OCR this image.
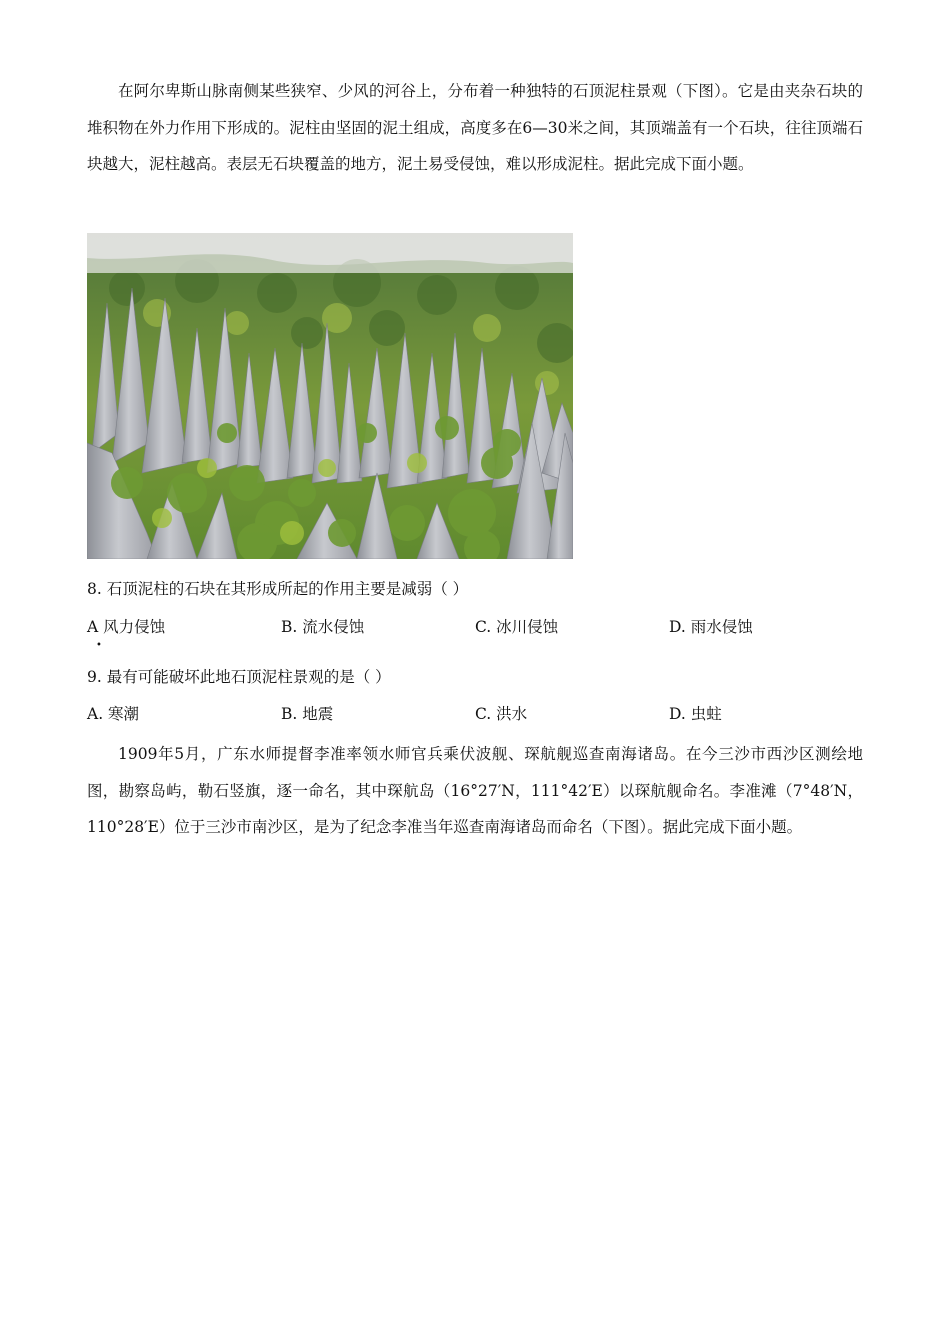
在阿尔卑斯山脉南侧某些狭窄、少风的河谷上，分布着一种独特的石顶泥柱景观（下图）。它是由夹杂石块的堆积物在外力作用下形成的。泥柱由坚固的泥土组成，高度多在6—30米之间，其顶端盖有一个石块，往往顶端石块越大，泥柱越高。表层无石块覆盖的地方，泥土易受侵蚀，难以形成泥柱。据此完成下面小题。

8. 石顶泥柱的石块在其形成所起的作用主要是减弱（ ）

A 风力侵蚀

•

B. 流水侵蚀	C. 冰川侵蚀	D. 雨水侵蚀

9. 最有可能破坏此地石顶泥柱景观的是（ ）

A. 寒潮	B. 地震	C. 洪水	D. 虫蛀

1909年5月，广东水师提督李准率领水师官兵乘伏波舰、琛航舰巡查南海诸岛。在今三沙市西沙区测绘地图，勘察岛屿，勒石竖旗，逐一命名，其中琛航岛（16°27′N，111°42′E）以琛航舰命名。李准滩（7°48′N，110°28′E）位于三沙市南沙区，是为了纪念李准当年巡查南海诸岛而命名（下图）。据此完成下面小题。
